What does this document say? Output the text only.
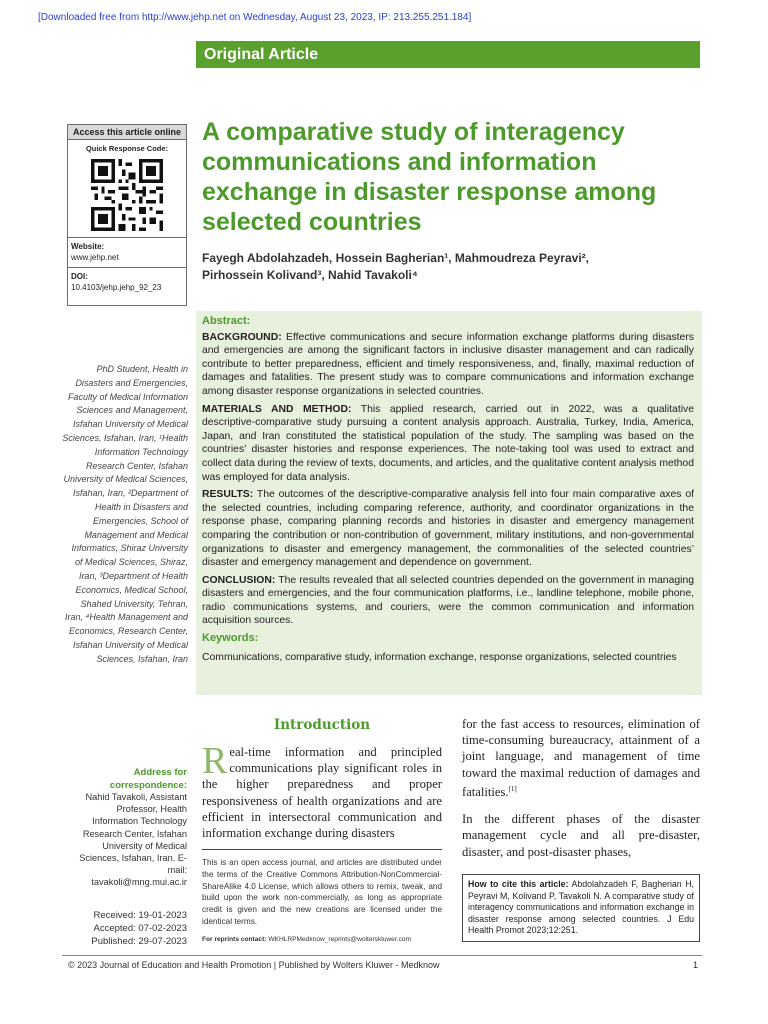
[Downloaded free from http://www.jehp.net on Wednesday, August 23, 2023, IP: 213.255.251.184]
Original Article
Access this article online
Quick Response Code:
Website:
www.jehp.net
DOI:
10.4103/jehp.jehp_92_23
A comparative study of interagency communications and information exchange in disaster response among selected countries
Fayegh Abdolahzadeh, Hossein Bagherian¹, Mahmoudreza Peyravi²,
Pirhossein Kolivand³, Nahid Tavakoli⁴
Abstract:

BACKGROUND: Effective communications and secure information exchange platforms during disasters and emergencies are among the significant factors in inclusive disaster management and can radically contribute to better preparedness, efficient and timely responsiveness, and, finally, maximal reduction of damages and fatalities. The present study was to compare communications and information exchange among disaster response organizations in selected countries.

MATERIALS AND METHOD: This applied research, carried out in 2022, was a qualitative descriptive‑comparative study pursuing a content analysis approach. Australia, Turkey, India, America, Japan, and Iran constituted the statistical population of the study. The sampling was based on the countries’ disaster histories and response experiences. The note‑taking tool was used to extract and collect data during the review of texts, documents, and articles, and the qualitative content analysis method was employed for data analysis.

RESULTS: The outcomes of the descriptive‑comparative analysis fell into four main comparative axes of the selected countries, including comparing reference, authority, and coordinator organizations in the response phase, comparing planning records and histories in disaster and emergency management comparing the contribution or non‑contribution of government, military institutions, and non‑governmental organizations to disaster and emergency management, the commonalities of the selected countries’ disaster and emergency management and dependence on government.

CONCLUSION: The results revealed that all selected countries depended on the government in managing disasters and emergencies, and the four communication platforms, i.e., landline telephone, mobile phone, radio communications systems, and couriers, were the common communication and information acquisition sources.

Keywords:

Communications, comparative study, information exchange, response organizations, selected countries

PhD Student, Health in Disasters and Emergencies, Faculty of Medical Information Sciences and Management, Isfahan University of Medical Sciences, Isfahan, Iran, ¹Health Information Technology Research Center, Isfahan University of Medical Sciences, Isfahan, Iran, ²Department of Health in Disasters and Emergencies, School of Management and Medical Informatics, Shiraz University of Medical Sciences, Shiraz, Iran, ³Department of Health Economics, Medical School, Shahed University, Tehran, Iran, ⁴Health Management and Economics, Research Center, Isfahan University of Medical Sciences, Isfahan, Iran
Address for correspondence:
Nahid Tavakoli, Assistant Professor, Health Information Technology Research Center, Isfahan University of Medical Sciences, Isfahan, Iran. E-mail: tavakoli@mng.mui.ac.ir
Received: 19-01-2023
Accepted: 07-02-2023
Published: 29-07-2023
Introduction
Real-time information and principled communications play significant roles in the higher preparedness and proper responsiveness of health organizations and are efficient in intersectoral communication and information exchange during disasters

for the fast access to resources, elimination of time-consuming bureaucracy, attainment of a joint language, and management of time toward the maximal reduction of damages and fatalities.[1]

In the different phases of the disaster management cycle and all pre-disaster, disaster, and post-disaster phases,

This is an open access journal, and articles are distributed under the terms of the Creative Commons Attribution-NonCommercial-ShareAlike 4.0 License, which allows others to remix, tweak, and build upon the work non-commercially, as long as appropriate credit is given and the new creations are licensed under the identical terms.
For reprints contact: WKHLRPMedknow_reprints@wolterskluwer.com
How to cite this article: Abdolahzadeh F, Bagherian H, Peyravi M, Kolivand P, Tavakoli N. A comparative study of interagency communications and information exchange in disaster response among selected countries. J Edu Health Promot 2023;12:251.
© 2023 Journal of Education and Health Promotion | Published by Wolters Kluwer - Medknow	1
